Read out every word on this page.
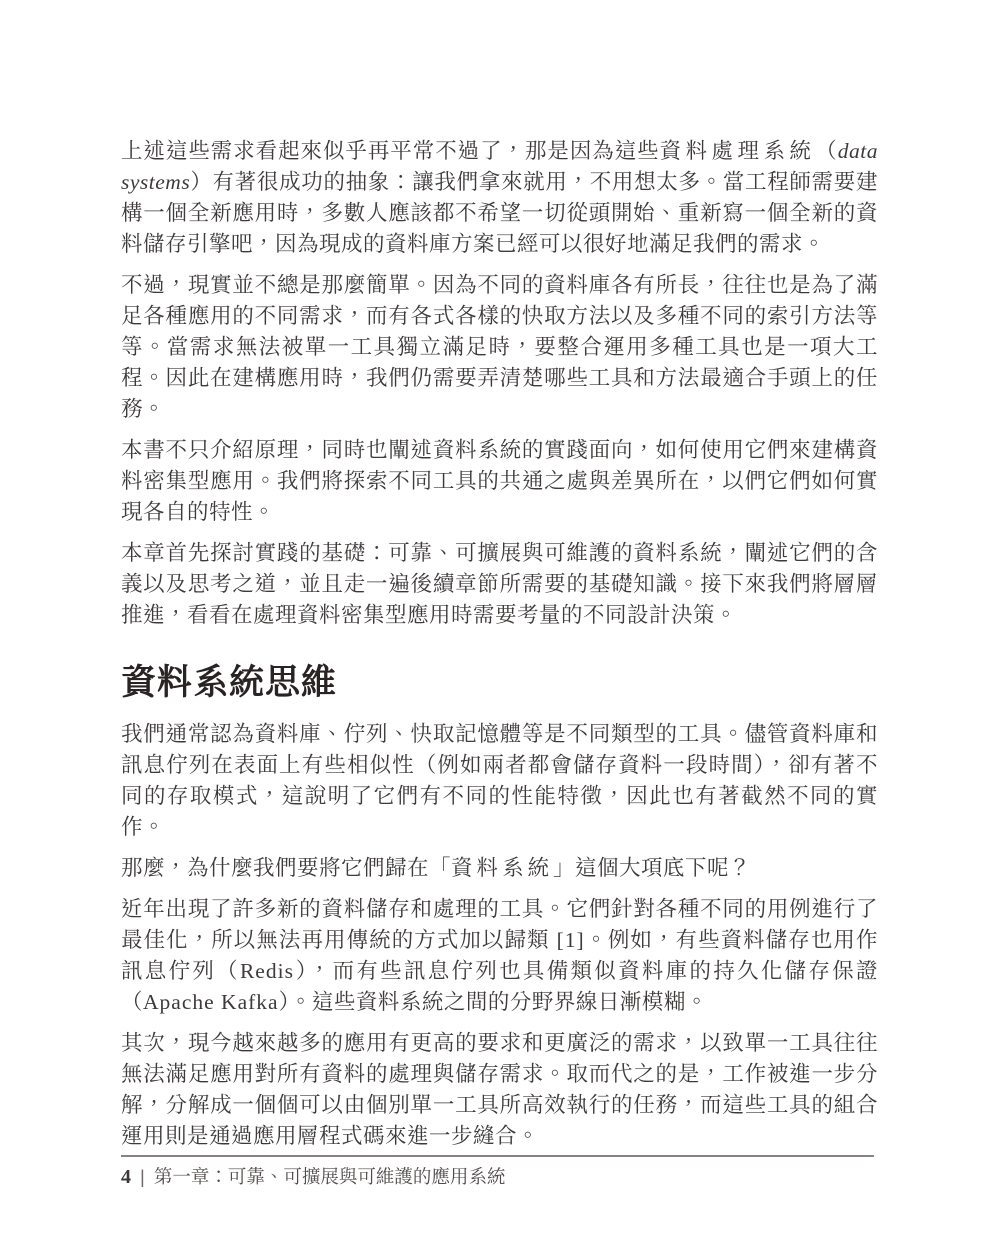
上述這些需求看起來似乎再平常不過了，那是因為這些資料處理系統（data systems）有著很成功的抽象：讓我們拿來就用，不用想太多。當工程師需要建構一個全新應用時，多數人應該都不希望一切從頭開始、重新寫一個全新的資料儲存引擎吧，因為現成的資料庫方案已經可以很好地滿足我們的需求。

不過，現實並不總是那麼簡單。因為不同的資料庫各有所長，往往也是為了滿足各種應用的不同需求，而有各式各樣的快取方法以及多種不同的索引方法等等。當需求無法被單一工具獨立滿足時，要整合運用多種工具也是一項大工程。因此在建構應用時，我們仍需要弄清楚哪些工具和方法最適合手頭上的任務。

本書不只介紹原理，同時也闡述資料系統的實踐面向，如何使用它們來建構資料密集型應用。我們將探索不同工具的共通之處與差異所在，以們它們如何實現各自的特性。

本章首先探討實踐的基礎：可靠、可擴展與可維護的資料系統，闡述它們的含義以及思考之道，並且走一遍後續章節所需要的基礎知識。接下來我們將層層推進，看看在處理資料密集型應用時需要考量的不同設計決策。

資料系統思維

我們通常認為資料庫、佇列、快取記憶體等是不同類型的工具。儘管資料庫和訊息佇列在表面上有些相似性（例如兩者都會儲存資料一段時間），卻有著不同的存取模式，這說明了它們有不同的性能特徵，因此也有著截然不同的實作。

那麼，為什麼我們要將它們歸在「資料系統」這個大項底下呢？

近年出現了許多新的資料儲存和處理的工具。它們針對各種不同的用例進行了最佳化，所以無法再用傳統的方式加以歸類 [1]。例如，有些資料儲存也用作訊息佇列（Redis），而有些訊息佇列也具備類似資料庫的持久化儲存保證（Apache Kafka）。這些資料系統之間的分野界線日漸模糊。

其次，現今越來越多的應用有更高的要求和更廣泛的需求，以致單一工具往往無法滿足應用對所有資料的處理與儲存需求。取而代之的是，工作被進一步分解，分解成一個個可以由個別單一工具所高效執行的任務，而這些工具的組合運用則是通過應用層程式碼來進一步縫合。

4 | 第一章：可靠、可擴展與可維護的應用系統
